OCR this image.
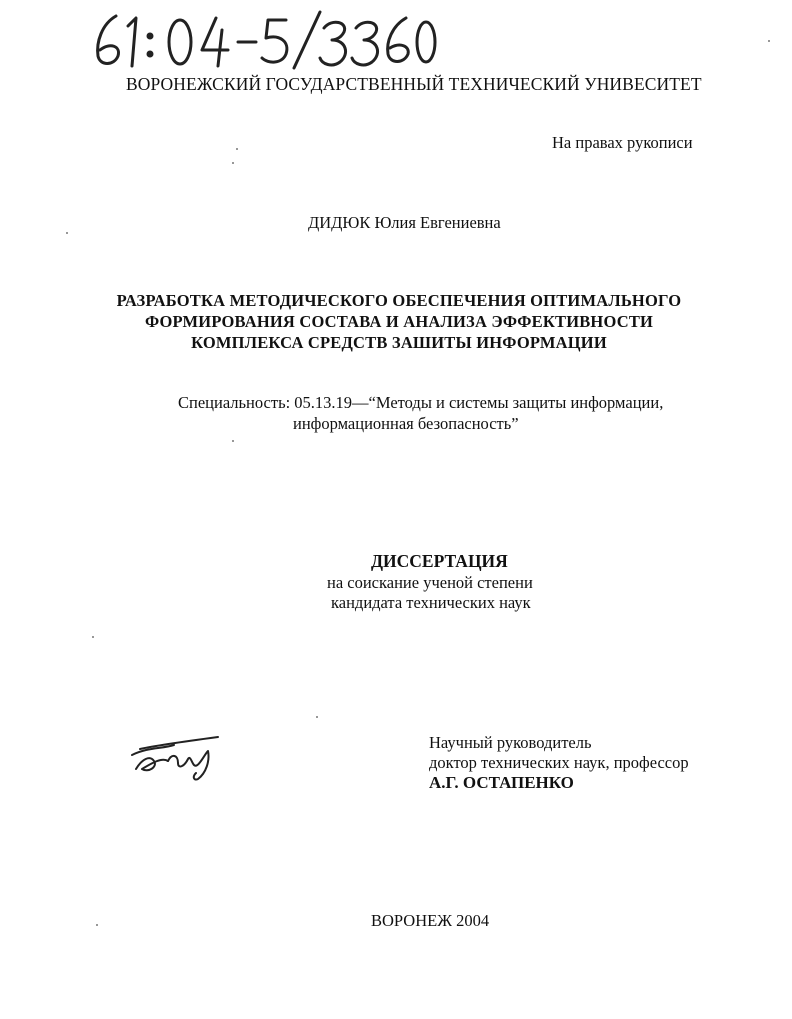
ВОРОНЕЖСКИЙ ГОСУДАРСТВЕННЫЙ ТЕХНИЧЕСКИЙ УНИВЕСИТЕТ
На правах рукописи
ДИДЮК Юлия Евгениевна
РАЗРАБОТКА МЕТОДИЧЕСКОГО ОБЕСПЕЧЕНИЯ ОПТИМАЛЬНОГО
ФОРМИРОВАНИЯ СОСТАВА И АНАЛИЗА ЭФФЕКТИВНОСТИ
КОМПЛЕКСА СРЕДСТВ ЗАШИТЫ ИНФОРМАЦИИ
Специальность: 05.13.19—“Методы и системы защиты информации,
информационная безопасность”
ДИССЕРТАЦИЯ
на соискание ученой степени
кандидата технических наук
Научный руководитель
доктор технических наук, профессор
А.Г. ОСТАПЕНКО
ВОРОНЕЖ 2004
